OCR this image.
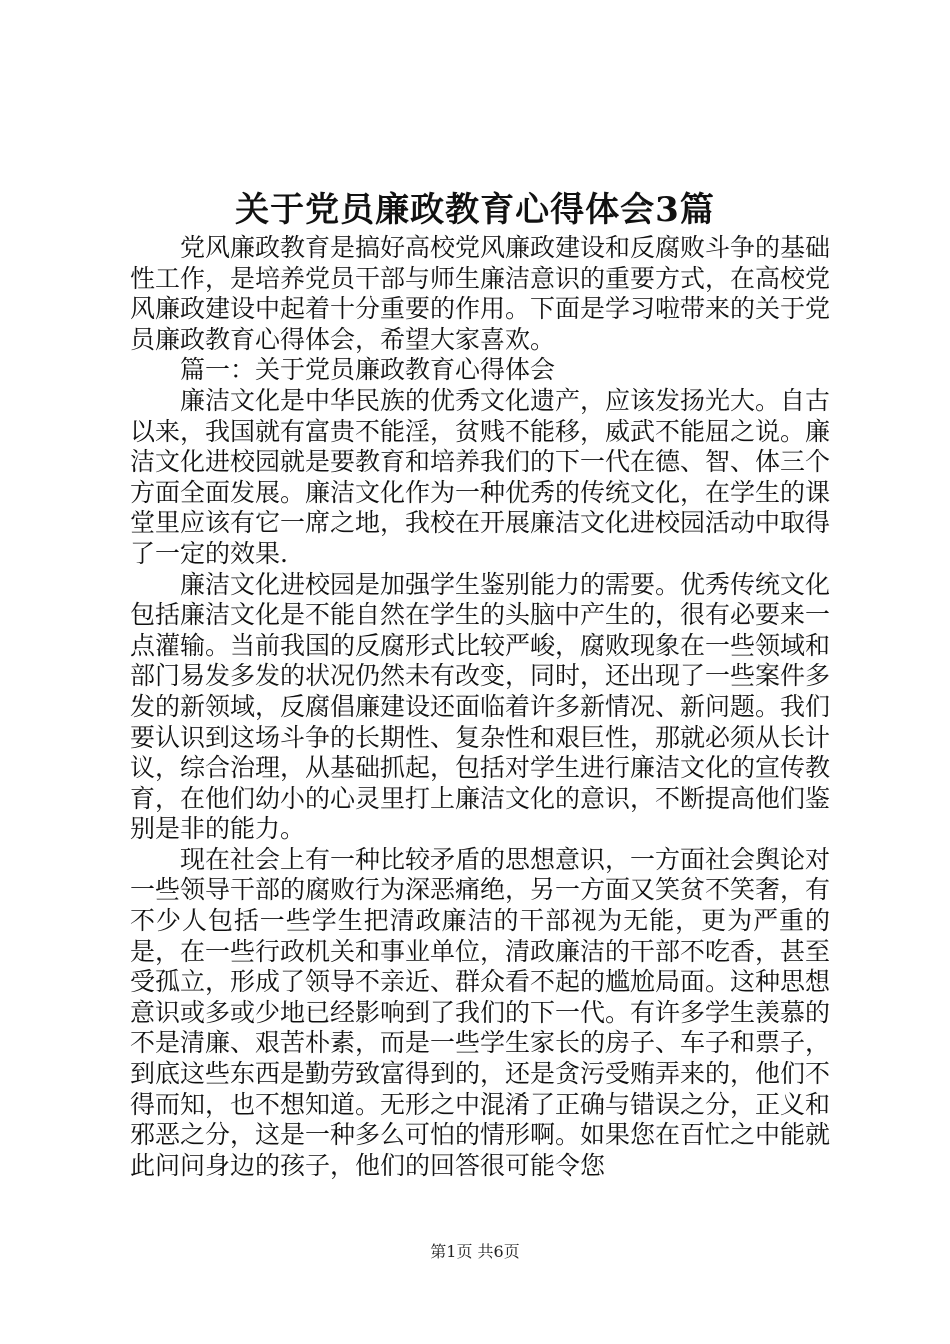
关于党员廉政教育心得体会3篇

党风廉政教育是搞好高校党风廉政建设和反腐败斗争的基础性工作，是培养党员干部与师生廉洁意识的重要方式，在高校党风廉政建设中起着十分重要的作用。下面是学习啦带来的关于党员廉政教育心得体会，希望大家喜欢。

篇一：关于党员廉政教育心得体会

廉洁文化是中华民族的优秀文化遗产，应该发扬光大。自古以来，我国就有富贵不能淫，贫贱不能移，威武不能屈之说。廉洁文化进校园就是要教育和培养我们的下一代在德、智、体三个方面全面发展。廉洁文化作为一种优秀的传统文化，在学生的课堂里应该有它一席之地，我校在开展廉洁文化进校园活动中取得了一定的效果.

廉洁文化进校园是加强学生鉴别能力的需要。优秀传统文化包括廉洁文化是不能自然在学生的头脑中产生的，很有必要来一点灌输。当前我国的反腐形式比较严峻，腐败现象在一些领域和部门易发多发的状况仍然未有改变，同时，还出现了一些案件多发的新领域，反腐倡廉建设还面临着许多新情况、新问题。我们要认识到这场斗争的长期性、复杂性和艰巨性，那就必须从长计议，综合治理，从基础抓起，包括对学生进行廉洁文化的宣传教育，在他们幼小的心灵里打上廉洁文化的意识，不断提高他们鉴别是非的能力。

现在社会上有一种比较矛盾的思想意识，一方面社会舆论对一些领导干部的腐败行为深恶痛绝，另一方面又笑贫不笑奢，有不少人包括一些学生把清政廉洁的干部视为无能，更为严重的是，在一些行政机关和事业单位，清政廉洁的干部不吃香，甚至受孤立，形成了领导不亲近、群众看不起的尴尬局面。这种思想意识或多或少地已经影响到了我们的下一代。有许多学生羡慕的不是清廉、艰苦朴素，而是一些学生家长的房子、车子和票子，到底这些东西是勤劳致富得到的，还是贪污受贿弄来的，他们不得而知，也不想知道。无形之中混淆了正确与错误之分，正义和邪恶之分，这是一种多么可怕的情形啊。如果您在百忙之中能就此问问身边的孩子，他们的回答很可能令您

第1页 共6页
